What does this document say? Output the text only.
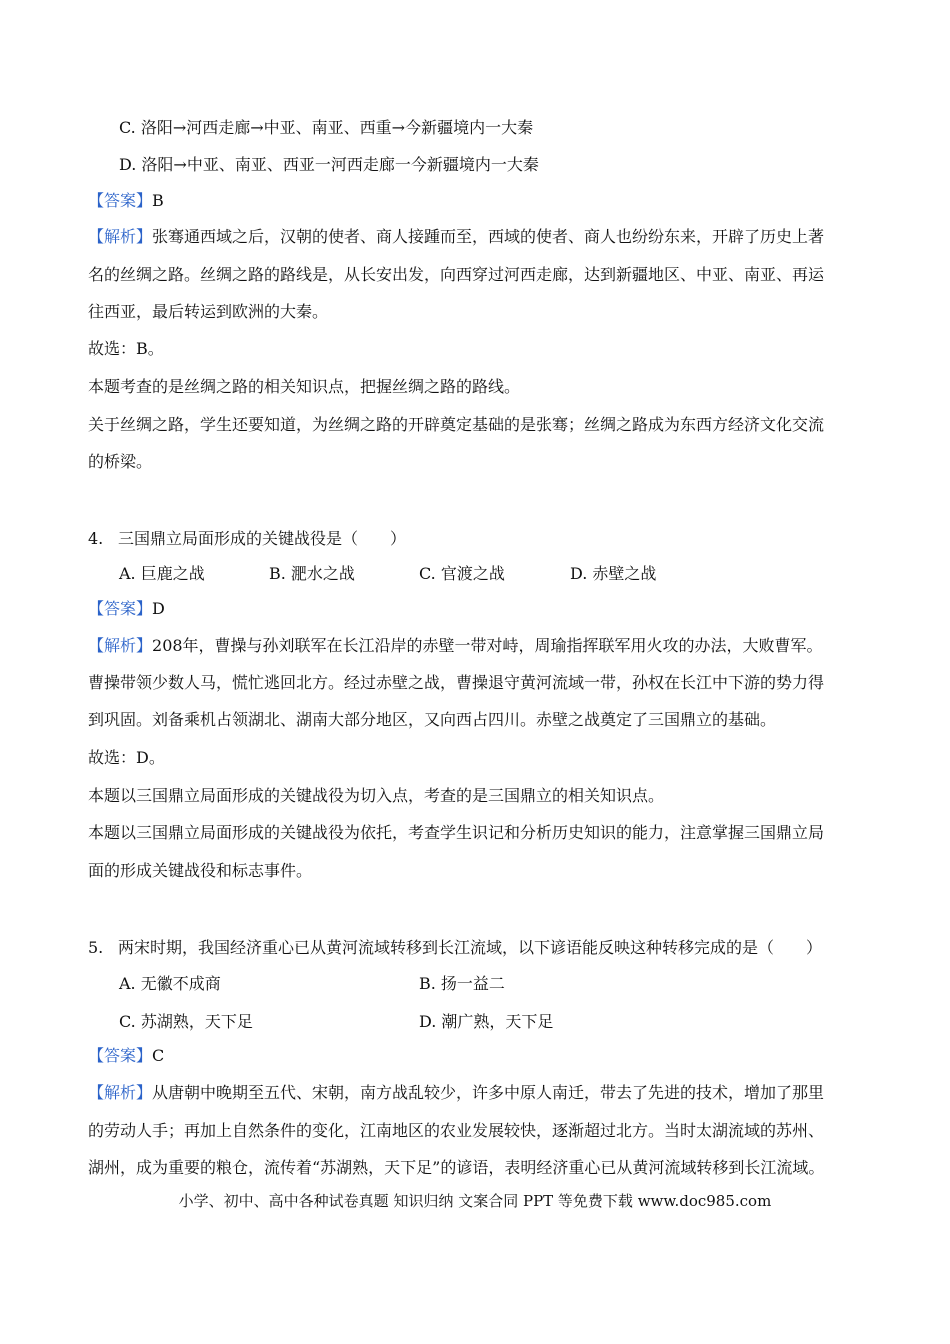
C. 洛阳→河西走廊→中亚、南亚、西重→今新疆境内一大秦
D. 洛阳→中亚、南亚、西亚一河西走廊一今新疆境内一大秦
【答案】B
【解析】张骞通西域之后，汉朝的使者、商人接踵而至，西域的使者、商人也纷纷东来，开辟了历史上著
名的丝绸之路。丝绸之路的路线是，从长安出发，向西穿过河西走廊，达到新疆地区、中亚、南亚、再运
往西亚，最后转运到欧洲的大秦。
故选：B。
本题考查的是丝绸之路的相关知识点，把握丝绸之路的路线。
关于丝绸之路，学生还要知道，为丝绸之路的开辟奠定基础的是张骞；丝绸之路成为东西方经济文化交流
的桥梁。
4. 三国鼎立局面形成的关键战役是（　　）
A. 巨鹿之战	B. 淝水之战	C. 官渡之战	D. 赤壁之战
【答案】D
【解析】208年，曹操与孙刘联军在长江沿岸的赤壁一带对峙，周瑜指挥联军用火攻的办法，大败曹军。
曹操带领少数人马，慌忙逃回北方。经过赤壁之战，曹操退守黄河流域一带，孙权在长江中下游的势力得
到巩固。刘备乘机占领湖北、湖南大部分地区，又向西占四川。赤壁之战奠定了三国鼎立的基础。
故选：D。
本题以三国鼎立局面形成的关键战役为切入点，考查的是三国鼎立的相关知识点。
本题以三国鼎立局面形成的关键战役为依托，考查学生识记和分析历史知识的能力，注意掌握三国鼎立局
面的形成关键战役和标志事件。
5. 两宋时期，我国经济重心已从黄河流域转移到长江流域，以下谚语能反映这种转移完成的是（　　）
A. 无徽不成商	B. 扬一益二
C. 苏湖熟，天下足	D. 潮广熟，天下足
【答案】C
【解析】从唐朝中晚期至五代、宋朝，南方战乱较少，许多中原人南迁，带去了先进的技术，增加了那里
的劳动人手；再加上自然条件的变化，江南地区的农业发展较快，逐渐超过北方。当时太湖流域的苏州、
湖州，成为重要的粮仓，流传着“苏湖熟，天下足”的谚语，表明经济重心已从黄河流域转移到长江流域。
小学、初中、高中各种试卷真题 知识归纳 文案合同 PPT 等免费下载 www.doc985.com
